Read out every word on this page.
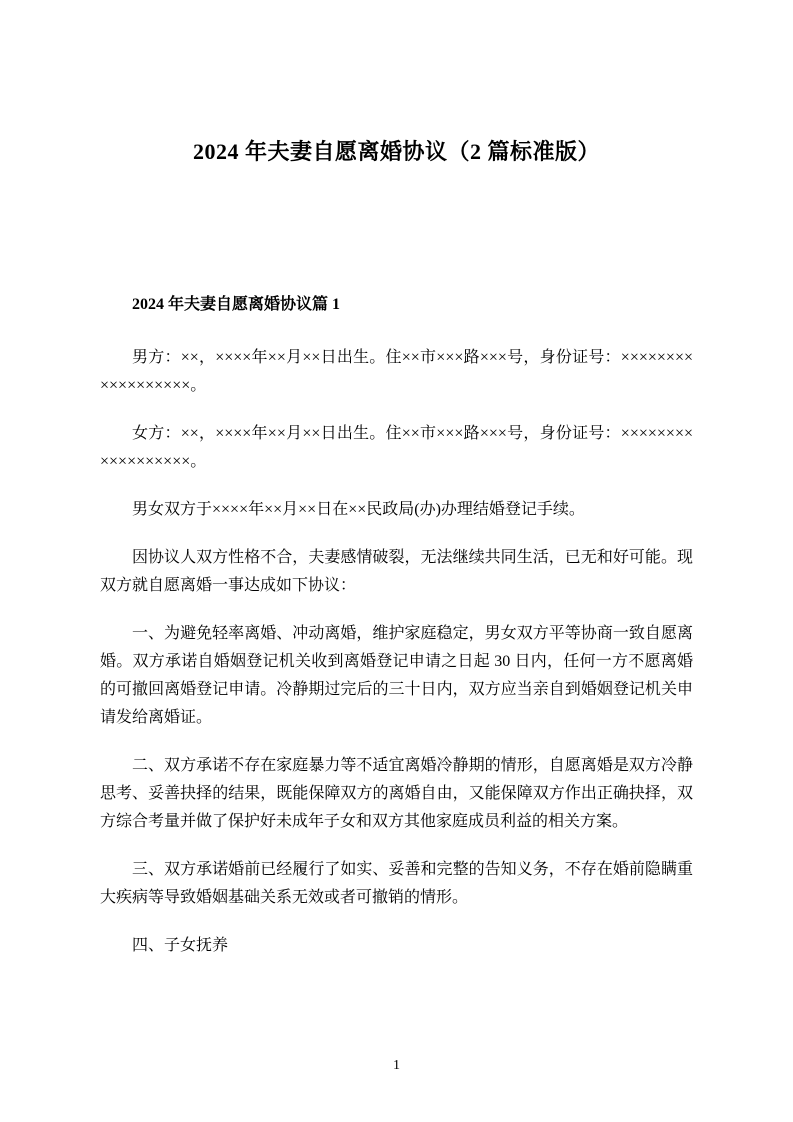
2024 年夫妻自愿离婚协议（2 篇标准版）
2024 年夫妻自愿离婚协议篇 1

男方：××，××××年××月××日出生。住××市×××路×××号，身份证号：××××××××××××××××××。

女方：××，××××年××月××日出生。住××市×××路×××号，身份证号：××××××××××××××××××。

男女双方于××××年××月××日在××民政局(办)办理结婚登记手续。

因协议人双方性格不合，夫妻感情破裂，无法继续共同生活，已无和好可能。现双方就自愿离婚一事达成如下协议：

一、为避免轻率离婚、冲动离婚，维护家庭稳定，男女双方平等协商一致自愿离婚。双方承诺自婚姻登记机关收到离婚登记申请之日起 30 日内，任何一方不愿离婚的可撤回离婚登记申请。冷静期过完后的三十日内，双方应当亲自到婚姻登记机关申请发给离婚证。

二、双方承诺不存在家庭暴力等不适宜离婚冷静期的情形，自愿离婚是双方冷静思考、妥善抉择的结果，既能保障双方的离婚自由，又能保障双方作出正确抉择，双方综合考量并做了保护好未成年子女和双方其他家庭成员利益的相关方案。

三、双方承诺婚前已经履行了如实、妥善和完整的告知义务，不存在婚前隐瞒重大疾病等导致婚姻基础关系无效或者可撤销的情形。

四、子女抚养

1
